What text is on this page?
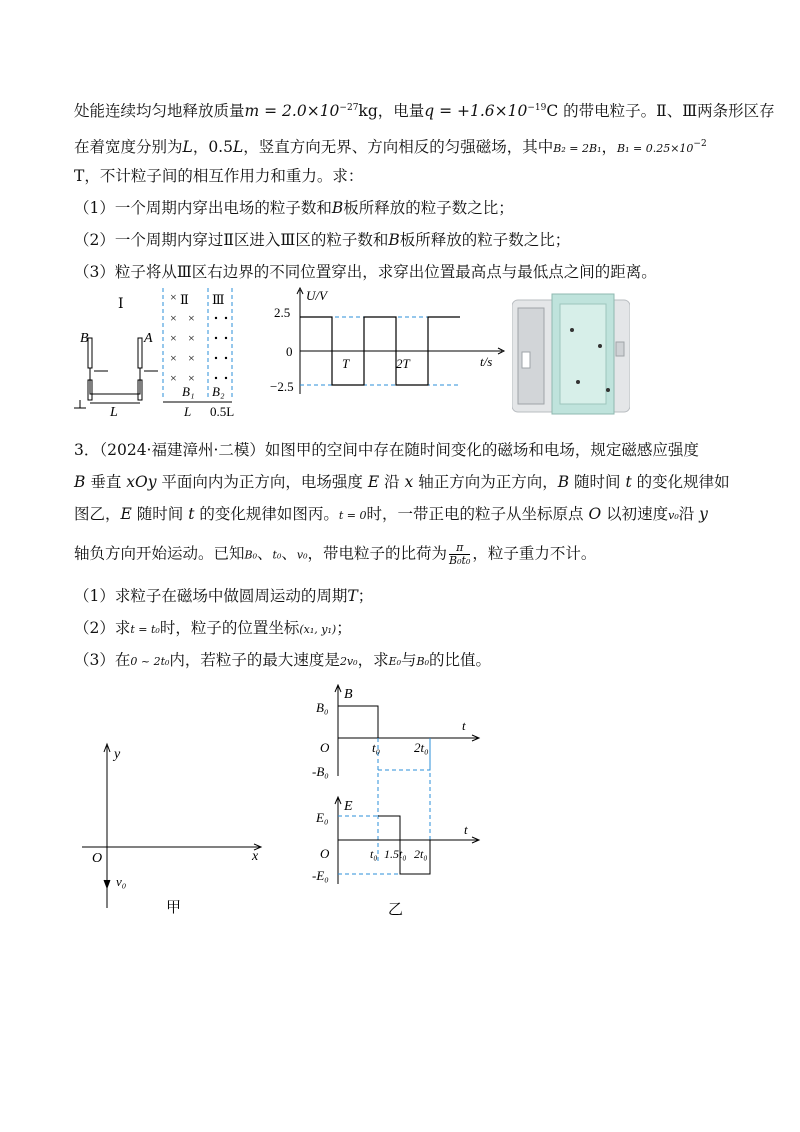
处能连续均匀地释放质量$m = 2.0\times 10^{-27}kg$，电量$q = +1.6\times 10^{-19}C$ 的带电粒子。Ⅱ、Ⅲ两条形区存
在着宽度分别为L，0.5L，竖直方向无界、方向相反的匀强磁场，其中B₂ = 2B₁，$B_1 = 0.25\times 10^{-2}$
T，不计粒子间的相互作用力和重力。求：
（1）一个周期内穿出电场的粒子数和B板所释放的粒子数之比；
（2）一个周期内穿过Ⅱ区进入Ⅲ区的粒子数和B板所释放的粒子数之比；
（3）粒子将从Ⅲ区右边界的不同位置穿出，求穿出位置最高点与最低点之间的距离。
Ⅰ
B	A
L
Ⅱ Ⅲ
×
× ×
× ×
× ×
× ×
B₁ B₂
L 0.5L
U/V
t/s
2.5
0
−2.5
T	2T
3．（2024·福建漳州·二模）如图甲的空间中存在随时间变化的磁场和电场，规定磁感应强度
B 垂直 xOy 平面向内为正方向，电场强度 E 沿 x 轴正方向为正方向，B 随时间 t 的变化规律如
图乙，E 随时间 t 的变化规律如图丙。t = 0时，一带正电的粒子从坐标原点 O 以初速度v₀沿 y
轴负方向开始运动。已知B₀、t₀、v₀，带电粒子的比荷为 $\frac{\pi}{\text{B₀t₀}}$ ，粒子重力不计。
（1）求粒子在磁场中做圆周运动的周期T；
（2）求t = t₀时，粒子的位置坐标(x₁, y₁)；
（3）在0 ~ 2t₀内，若粒子的最大速度是2v₀，求E₀与B₀的比值。
y
x
O
v₀
甲
B
B₀
t
O	t₀	2t₀
-B₀
E
E₀
t
O	t₀ 1.5t₀ 2t₀
-E₀
乙
